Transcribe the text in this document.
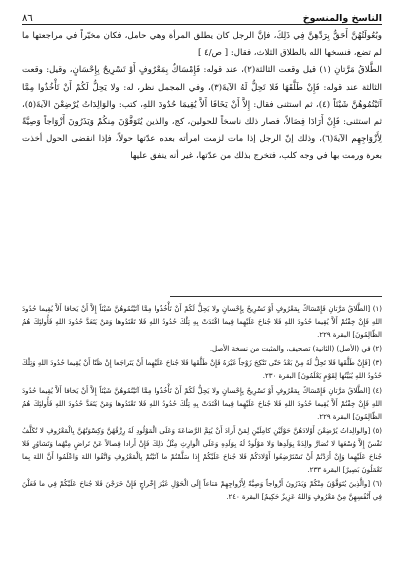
الناسخ والمنسوخ
٨٦

وبُعُولَتُهُنَّ أَحَقُّ بِرَدِّهِنَّ فِي ذَلِكَ، فإنَّ الرجل كان يطلق المرأة وهي حامل، فكان مخيّراً في مراجعتها ما لم تضع، فنسخها الله بالطلاق الثلاث، فقال: [ ص/٤ ]

الطَّلاقُ مَرَّتانِ (١) قيل وقعت الثالثة(٢)، عند قوله: فَإِمْسَاكٌ بِمَعْرُوفٍ أَوْ تَسْرِيحٌ بِإِحْسَانٍ، وقيل: وقعت الثالثة عند قوله: فَإِنْ طَلَّقَهَا فَلا تَحِلُّ لَهُ الآيةَ(٣)، وفي المجمل نظر، له: ولا يَحِلُّ لَكُمْ أَنْ تَأْخُذُوا مِمَّا آتَيْتُمُوهُنَّ شَيْئاً (٤)، ثم استثنى فقال: إِلاَّ أَنْ يَخَافَا أَلاَّ يُقِيمَا حُدُودَ اللهِ، كتب: والوَالِدَاتُ يُرْضِعْنَ الآيةَ(٥)، ثم استثنى: فَإِنْ أَرَادَا فِصَالاً، فصار ذلك ناسخاً للحولين، كج، والذين يُتَوَفَّوْنَ مِنكُمْ وَيَذَرُونَ أَزْوَاجاً وَصِيَّةً لِأَزْوَاجِهِم الآيةَ(٦)، وذلك إنّ الرجل إذا مات لزمت امرأته بعده عدّتها حولاً، فإذا انقضى الحول أخذت بعرة ورمت بها في وجه كلب، فتخرج بذلك من عدّتها، غير أنه ينفق عليها

(١) [الطَّلاقُ مَرَّتانِ فَإِمْسَاكٌ بِمَعْرُوفٍ أَوْ تَسْرِيحٌ بِإِحْسانٍ ولا يَحِلُّ لَكُمْ أَنْ تَأْخُذُوا مِمَّا آتَيْتُمُوهُنَّ شَيْئاً إِلاَّ أَنْ يَخافا أَلاَّ يُقِيما حُدُودَ اللهِ فَإِنْ خِفْتُمْ أَلاَّ يُقِيما حُدُودَ اللهِ فَلا جُناحَ عَلَيْهِما فِيما افْتَدَتْ بِهِ تِلْكَ حُدُودُ اللهِ فَلا تَعْتَدُوها وَمَنْ يَتَعَدَّ حُدُودَ اللهِ فَأُولئِكَ هُمُ الظّالِمُونَ] البقرة ٢٢٩.

(٢) في (الأصل) (الثانية) تصحيف، والمثبت من نسخة الأصل.

(٣) [فَإِنْ طَلَّقَها فَلا تَحِلُّ لَهُ مِنْ بَعْدُ حَتّى تَنْكِحَ زَوْجاً غَيْرَهُ فَإِنْ طَلَّقَها فَلا جُناحَ عَلَيْهِما أَنْ يَتَراجَعا إِنْ ظَنّا أَنْ يُقِيما حُدُودَ اللهِ وَتِلْكَ حُدُودُ اللهِ يُبَيِّنُها لِقَوْمٍ يَعْلَمُونَ] البقرة ٢٣٠.

(٤) [الطَّلاقُ مَرَّتانِ فَإِمْسَاكٌ بِمَعْرُوفٍ أَوْ تَسْرِيحٌ بِإِحْسانٍ ولا يَحِلُّ لَكُمْ أَنْ تَأْخُذُوا مِمَّا آتَيْتُمُوهُنَّ شَيْئاً إِلاَّ أَنْ يَخافا أَلاَّ يُقِيما حُدُودَ اللهِ فَإِنْ خِفْتُمْ أَلاَّ يُقِيما حُدُودَ اللهِ فَلا جُناحَ عَلَيْهِما فِيما افْتَدَتْ بِهِ تِلْكَ حُدُودُ اللهِ فَلا تَعْتَدُوها وَمَنْ يَتَعَدَّ حُدُودَ اللهِ فَأُولئِكَ هُمُ الظّالِمُونَ] البقرة ٢٢٩.

(٥) [والوالِداتُ يُرْضِعْنَ أَوْلادَهُنَّ حَوْلَيْنِ كامِلَيْنِ لِمَنْ أَرادَ أَنْ يُتِمَّ الرَّضاعَةَ وَعَلَى الْمَوْلُودِ لَهُ رِزْقُهُنَّ وَكِسْوَتُهُنَّ بِالْمَعْرُوفِ لا تُكَلَّفُ نَفْسٌ إِلاَّ وُسْعَها لا تُضارَّ والِدَةٌ بِوَلَدِها وَلا مَوْلُودٌ لَهُ بِوَلَدِهِ وَعَلَى الْوارِثِ مِثْلُ ذلِكَ فَإِنْ أَرادا فِصالاً عَنْ تَراضٍ مِنْهُما وَتَشاوُرٍ فَلا جُناحَ عَلَيْهِما وَإِنْ أَرَدْتُمْ أَنْ تَسْتَرْضِعُوا أَوْلادَكُمْ فَلا جُناحَ عَلَيْكُمْ إِذا سَلَّمْتُمْ ما آتَيْتُمْ بِالْمَعْرُوفِ وَاتَّقُوا اللهَ وَاعْلَمُوا أَنَّ اللهَ بِما تَعْمَلُونَ بَصِيرٌ] البقرة ٢٣٣.

(٦) [والَّذِينَ يُتَوَفَّوْنَ مِنْكُمْ وَيَذَرُونَ أَزْواجاً وَصِيَّةً لِأَزْواجِهِمْ مَتاعاً إِلَى الْحَوْلِ غَيْرَ إِخْراجٍ فَإِنْ خَرَجْنَ فَلا جُناحَ عَلَيْكُمْ فِي ما فَعَلْنَ فِي أَنْفُسِهِنَّ مِنْ مَعْرُوفٍ وَاللهُ عَزِيزٌ حَكِيمٌ] البقرة ٢٤٠.
